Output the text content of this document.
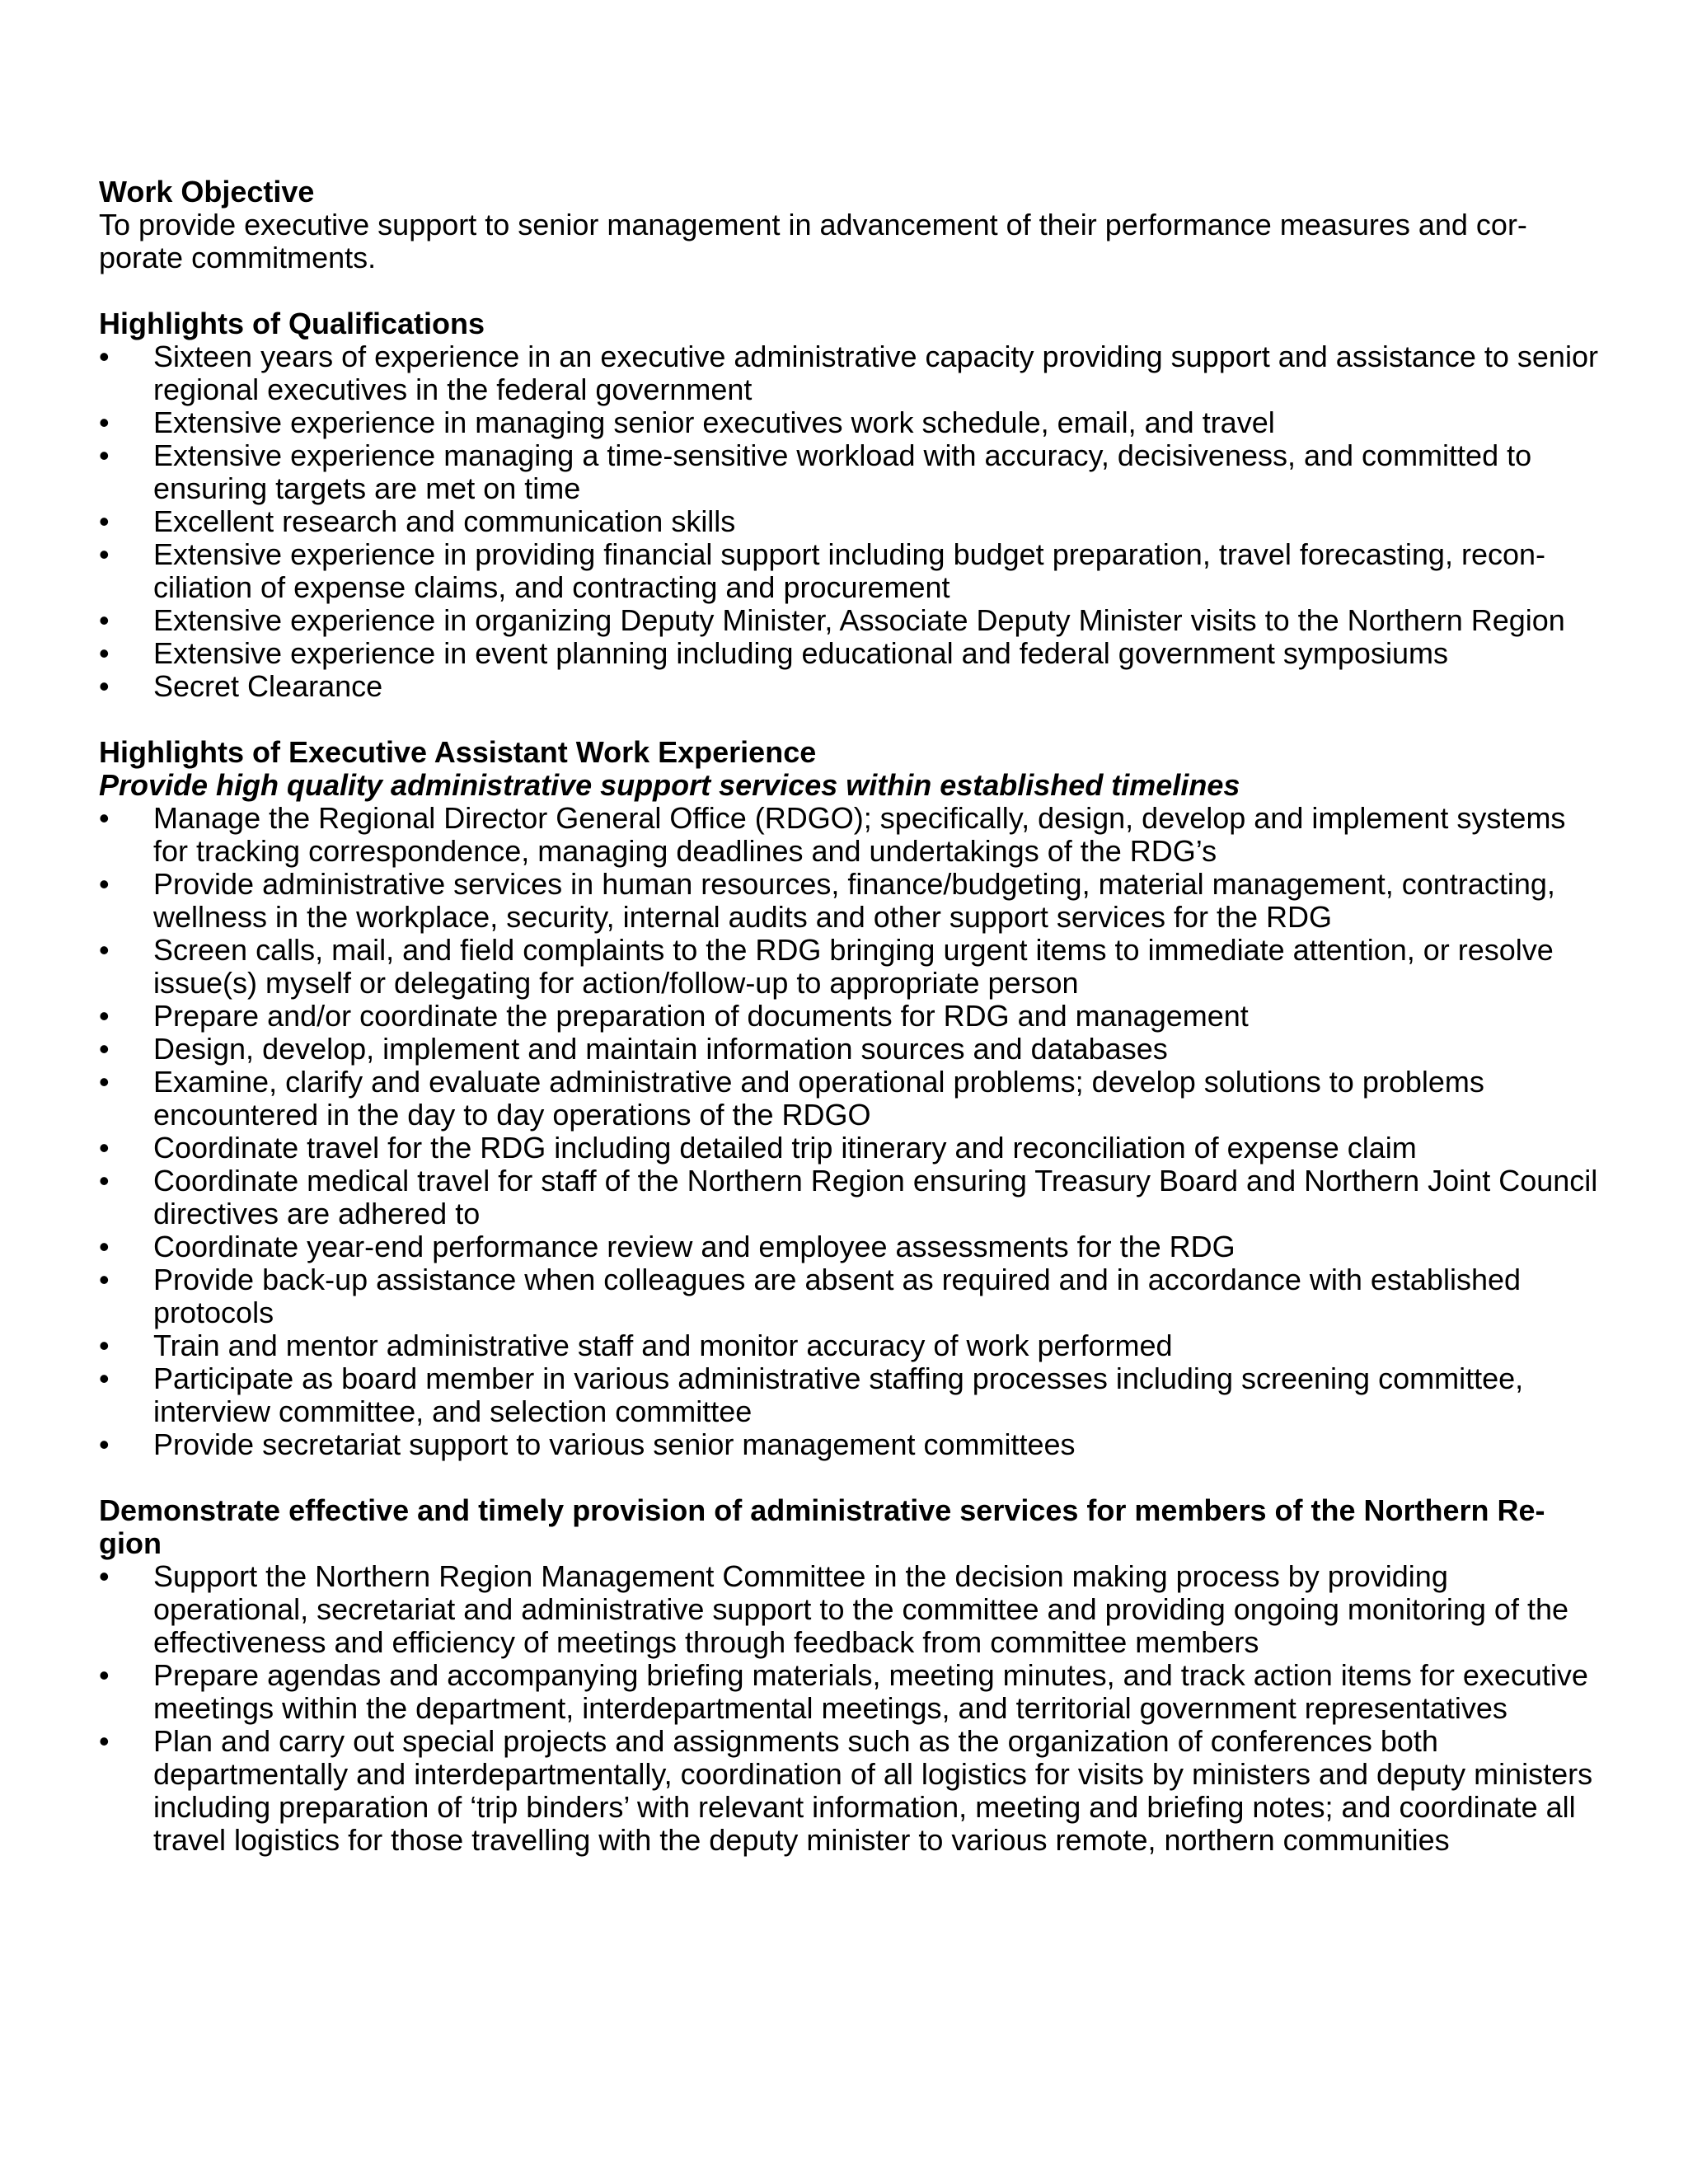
Work Objective
To provide executive support to senior management in advancement of their performance measures and cor-
porate commitments.
Highlights of Qualifications
•	Sixteen years of experience in an executive administrative capacity providing support and assistance to senior regional executives in the federal government
•	Extensive experience in managing senior executives work schedule, email, and travel
•	Extensive experience managing a time-sensitive workload with accuracy, decisiveness, and committed to ensuring targets are met on time
•	Excellent research and communication skills
•	Extensive experience in providing financial support including budget preparation, travel forecasting, recon-ciliation of expense claims, and contracting and procurement
•	Extensive experience in organizing Deputy Minister, Associate Deputy Minister visits to the Northern Region
•	Extensive experience in event planning including educational and federal government symposiums
•	Secret Clearance
Highlights of Executive Assistant Work Experience
Provide high quality administrative support services within established timelines
•	Manage the Regional Director General Office (RDGO); specifically, design, develop and implement systems for tracking correspondence, managing deadlines and undertakings of the RDG’s
•	Provide administrative services in human resources, finance/budgeting, material management, contracting, wellness in the workplace, security, internal audits and other support services for the RDG
•	Screen calls, mail, and field complaints to the RDG bringing urgent items to immediate attention, or resolve issue(s) myself or delegating for action/follow-up to appropriate person
•	Prepare and/or coordinate the preparation of documents for RDG and management
•	Design, develop, implement and maintain information sources and databases
•	Examine, clarify and evaluate administrative and operational problems; develop solutions to problems encountered in the day to day operations of the RDGO
•	Coordinate travel for the RDG including detailed trip itinerary and reconciliation of expense claim
•	Coordinate medical travel for staff of the Northern Region ensuring Treasury Board and Northern Joint Council directives are adhered to
•	Coordinate year-end performance review and employee assessments for the RDG
•	Provide back-up assistance when colleagues are absent as required and in accordance with established protocols
•	Train and mentor administrative staff and monitor accuracy of work performed
•	Participate as board member in various administrative staffing processes including screening committee, interview committee, and selection committee
•	Provide secretariat support to various senior management committees
Demonstrate effective and timely provision of administrative services for members of the Northern Re-
gion
•	Support the Northern Region Management Committee in the decision making process by providing operational, secretariat and administrative support to the committee and providing ongoing monitoring of the effectiveness and efficiency of meetings through feedback from committee members
•	Prepare agendas and accompanying briefing materials, meeting minutes, and track action items for executive meetings within the department, interdepartmental meetings, and territorial government representatives
•	Plan and carry out special projects and assignments such as the organization of conferences both departmentally and interdepartmentally, coordination of all logistics for visits by ministers and deputy ministers including preparation of ‘trip binders’ with relevant information, meeting and briefing notes; and coordinate all travel logistics for those travelling with the deputy minister to various remote, northern communities
